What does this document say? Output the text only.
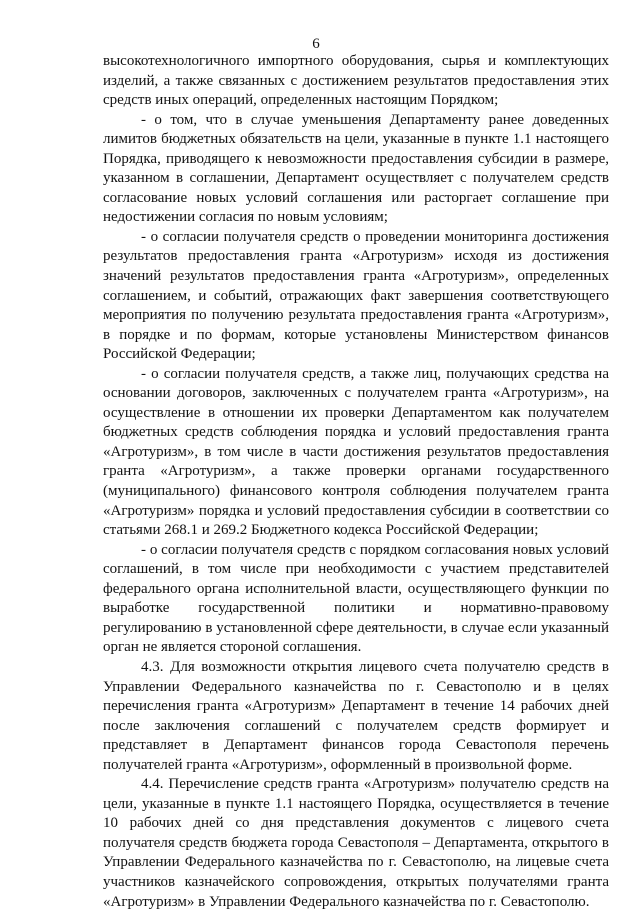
6

высокотехнологичного импортного оборудования, сырья и комплектующих изделий, а также связанных с достижением результатов предоставления этих средств иных операций, определенных настоящим Порядком;

- о том, что в случае уменьшения Департаменту ранее доведенных лимитов бюджетных обязательств на цели, указанные в пункте 1.1 настоящего Порядка, приводящего к невозможности предоставления субсидии в размере, указанном в соглашении, Департамент осуществляет с получателем средств согласование новых условий соглашения или расторгает соглашение при недостижении согласия по новым условиям;

- о согласии получателя средств о проведении мониторинга достижения результатов предоставления гранта «Агротуризм» исходя из достижения значений результатов предоставления гранта «Агротуризм», определенных соглашением, и событий, отражающих факт завершения соответствующего мероприятия по получению результата предоставления гранта «Агротуризм», в порядке и по формам, которые установлены Министерством финансов Российской Федерации;

- о согласии получателя средств, а также лиц, получающих средства на основании договоров, заключенных с получателем гранта «Агротуризм», на осуществление в отношении их проверки Департаментом как получателем бюджетных средств соблюдения порядка и условий предоставления гранта «Агротуризм», в том числе в части достижения результатов предоставления гранта «Агротуризм», а также проверки органами государственного (муниципального) финансового контроля соблюдения получателем гранта «Агротуризм» порядка и условий предоставления субсидии в соответствии со статьями 268.1 и 269.2 Бюджетного кодекса Российской Федерации;

- о согласии получателя средств с порядком согласования новых условий соглашений, в том числе при необходимости с участием представителей федерального органа исполнительной власти, осуществляющего функции по выработке государственной политики и нормативно-правовому регулированию в установленной сфере деятельности, в случае если указанный орган не является стороной соглашения.

4.3. Для возможности открытия лицевого счета получателю средств в Управлении Федерального казначейства по г. Севастополю и в целях перечисления гранта «Агротуризм» Департамент в течение 14 рабочих дней после заключения соглашений с получателем средств формирует и представляет в Департамент финансов города Севастополя перечень получателей гранта «Агротуризм», оформленный в произвольной форме.

4.4. Перечисление средств гранта «Агротуризм» получателю средств на цели, указанные в пункте 1.1 настоящего Порядка, осуществляется в течение 10 рабочих дней со дня представления документов с лицевого счета получателя средств бюджета города Севастополя – Департамента, открытого в Управлении Федерального казначейства по г. Севастополю, на лицевые счета участников казначейского сопровождения, открытых получателями гранта «Агротуризм» в Управлении Федерального казначейства по г. Севастополю.
